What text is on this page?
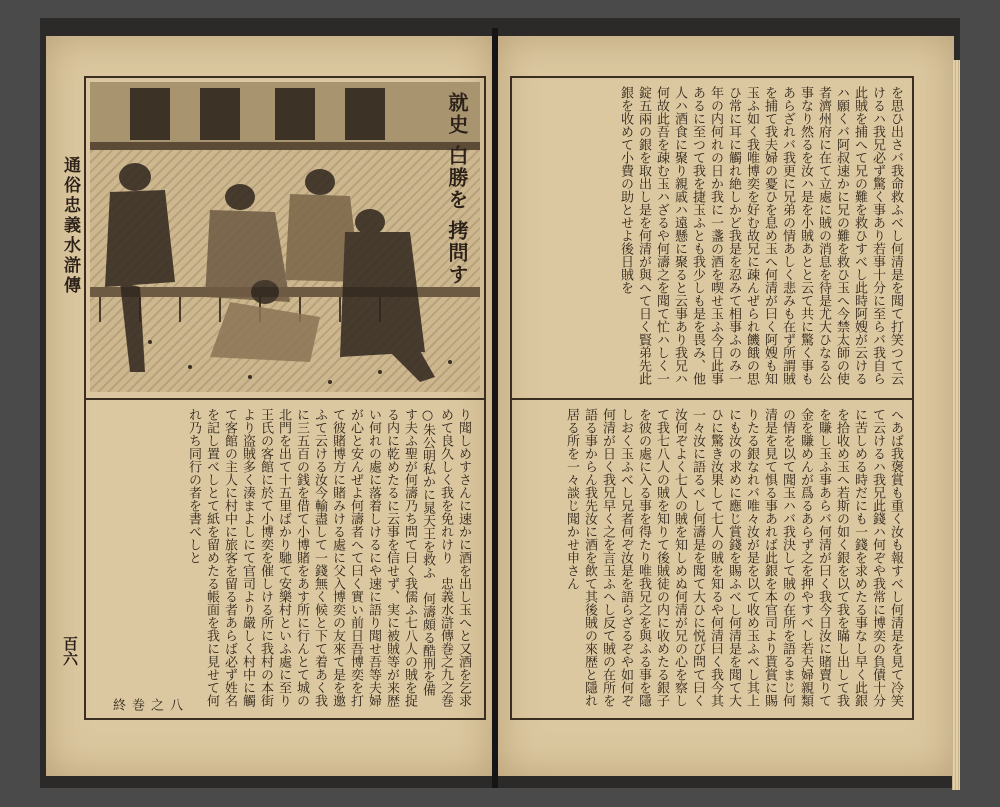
通俗忠義水滸傳
百六
就史 白勝を 拷問す
り聞しめすさんに速かに酒を出し玉へと又酒を乞求めて良久しく我を免れけり　忠義水滸傳巻之九之巻　○朱公明私かに晁天王を救ふ　何濤頗る酷刑を備す夫ふ聖が何濤乃ち問て曰く我儒ふ七八人の賊を捉る内に乾めたるに云事を信せず、実に被賊等が来歴い何れの處に落着しけるにや速に語り聞せ吾等夫婦が心と安んぜよ何濤者へて曰く實い前日吾博奕を打て彼賭博方に賭みける處に父入博奕の友來て是を邀ふて云ける汝今輸盡して一錢無く候と下て着あく我に三五百の銭を借て小博賭をあす所に行んとて城の北門を出て十五里ばかり馳て安樂村といふ處に至り王氏の客館に於て小博奕を催しける所に我村の本街より盗賊多く湊まよしにて官司より嚴しく村中に觸て客館の主人に村中に旅客を留る者あらば必ず姓名を記し置べしとて紙を留めたる帳面を我に見せて何れ乃ち同行の者を書べしと
八之巻終
を思ひ出さバ我命救ふべし何清是を聞て打笑つて云けるハ我兄必ず驚く事あり若事十分に至らバ我自ら此賊を捕へて兄の難を救ひすべし此時阿嫂が云ける ハ願くバ阿叔速かに兄の難を救ひ玉へ今禁太師の使者濟州府に在て立處に賊の消息を待是尤大ひなる公事なり然るを汝ハ是を小賊あとと云て共に驚く事もあらざれバ我更に兄弟の情あしく悲みも在ず所謂賊を捕て我夫婦の憂ひを息め玉へ何清が曰く阿嫂も知玉ふ如く我唯博奕を好む故兄に疎んぜられ饑餓の思ひ常に耳に觸れ絶しかど我是を忍みて相事ふのみ一年の内何れの日か我に一盞の酒を喫せ玉ふ今日此事あるに至つて我を捷玉ふとも我少しも是を畏み、他人ハ酒食に聚り親戚ハ遠懸に聚ると云事あり我兄ハ何故此吾を疎む玉ハざるや何濤之を聞て忙ハしく一錠五兩の銀を取出し是を何清が與へて日く賢弟先此銀を收めて小費の助とせよ後日賊を
へあば我褒賞も重く汝も報すべし何清是を見て冷笑て云けるハ我兄此錢ハ何ぞや我常に博奕の負債十分に苦しめる時だにも一錢を求めたる事なし早く此銀を拾收め玉へ若斯の如く銀を以て我を瞞し出して我を賺し玉ふ事あらバ何清が曰く我今日汝に賭賣りて金を賺めんが爲るあらず之を押やすべし若夫婦親類の情を以て聞玉ハバ我決して賊の在所を語るまじ何清是を見て惧る事あれば此銀を本官司より貰賞に賜りたる銀なれバ唯々汝が是を以て收め玉ふべし其上にも汝の求めに應じ賞錢を賜ふべし何清是を聞て大ひに驚き汝果して七人の賊を知るや何清曰く我今其一々汝に語るべし何濤是を聞て大ひに悦び問て曰く汝何ぞよく七人の賊を知しめぬ何清が兄の心を察して我七八人の賊を知りて後賊徒の内に收めたる銀子を彼の處に入る事を得たり唯我兄之を與ふる事を隱しおく玉ふべし兄者何ぞ汝是を語らざるぞや如何ぞ何清が日く我兄早く之を言玉ふへし反て賊の在所を語る事からん我先汝に酒を飲て其後賊の來歴と隱れ居る所を一々談じ聞かせ申さん
